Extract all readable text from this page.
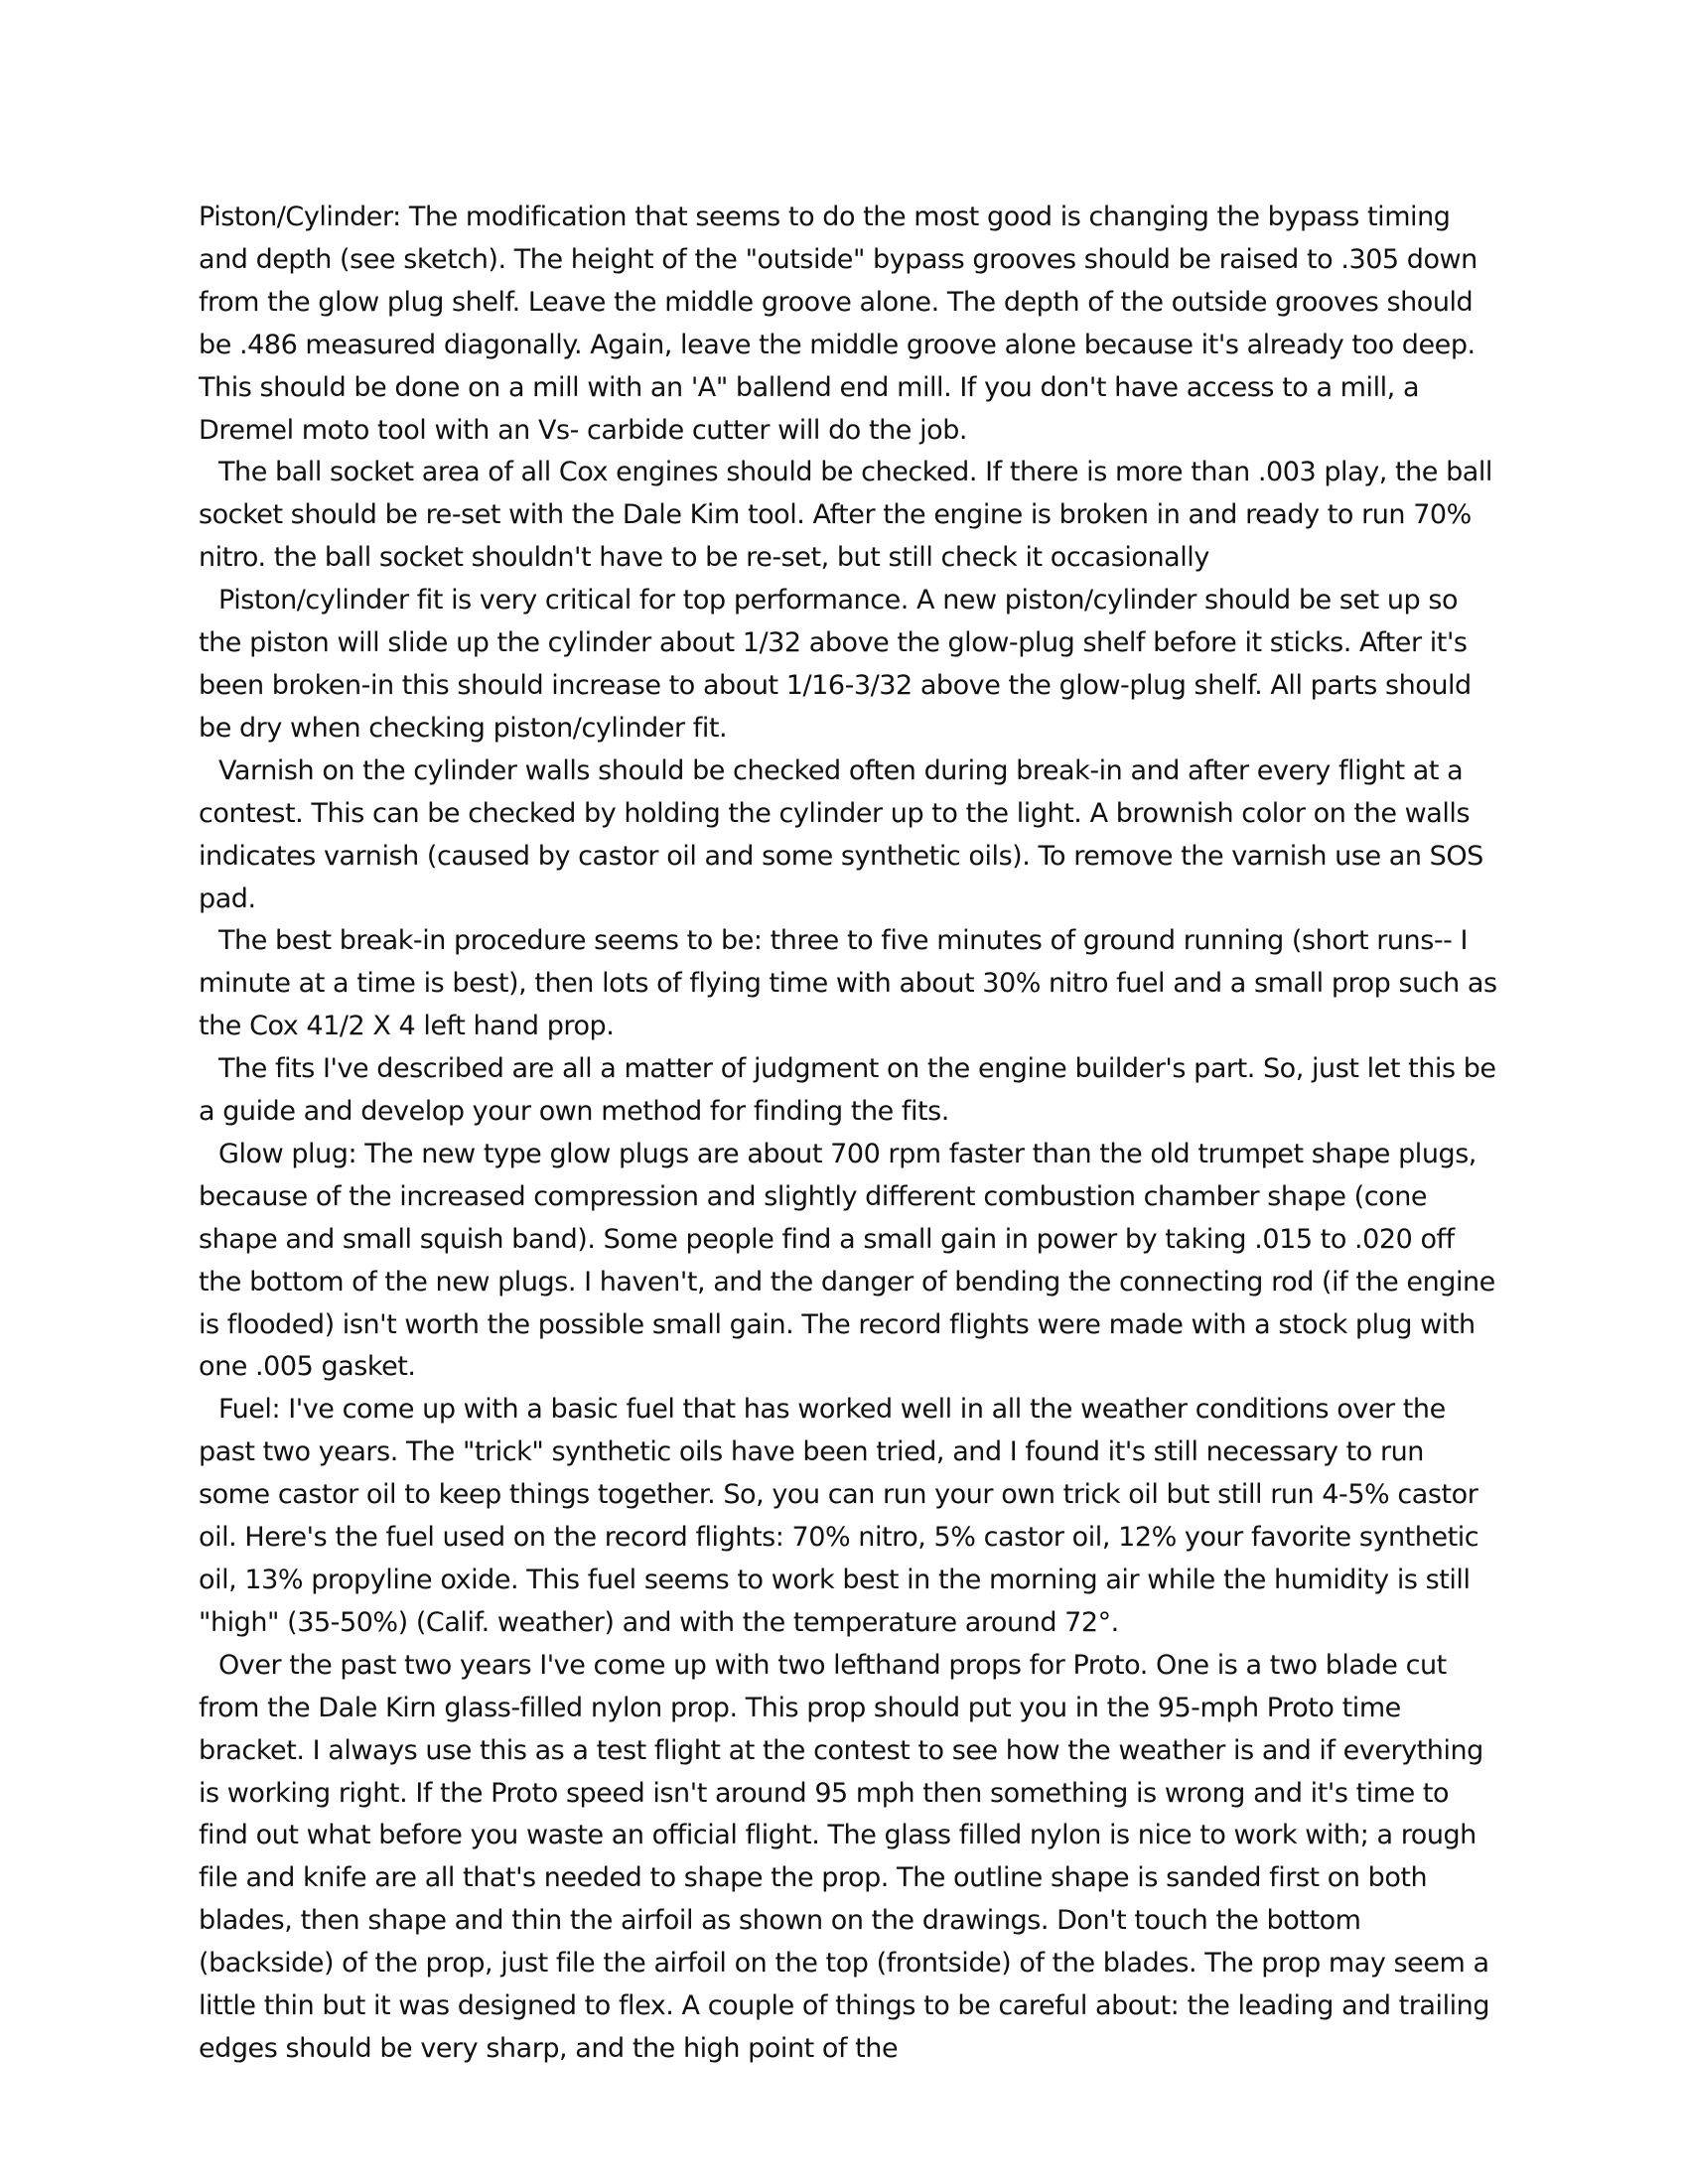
Piston/Cylinder: The modification that seems to do the most good is changing the bypass timing and depth (see sketch). The height of the "outside" bypass grooves should be raised to .305 down from the glow plug shelf. Leave the middle groove alone. The depth of the outside grooves should be .486 measured diagonally. Again, leave the middle groove alone because it's already too deep. This should be done on a mill with an 'A" ballend end mill. If you don't have access to a mill, a Dremel moto tool with an Vs- carbide cutter will do the job.

The ball socket area of all Cox engines should be checked. If there is more than .003 play, the ball socket should be re-set with the Dale Kim tool. After the engine is broken in and ready to run 70% nitro. the ball socket shouldn't have to be re-set, but still check it occasionally

Piston/cylinder fit is very critical for top performance. A new piston/cylinder should be set up so the piston will slide up the cylinder about 1/32 above the glow-plug shelf before it sticks. After it's been broken-in this should increase to about 1/16-3/32 above the glow-plug shelf. All parts should be dry when checking piston/cylinder fit.

Varnish on the cylinder walls should be checked often during break-in and after every flight at a contest. This can be checked by holding the cylinder up to the light. A brownish color on the walls indicates varnish (caused by castor oil and some synthetic oils). To remove the varnish use an SOS pad.

The best break-in procedure seems to be: three to five minutes of ground running (short runs-- I minute at a time is best), then lots of flying time with about 30% nitro fuel and a small prop such as the Cox 41/2 X 4 left hand prop.

The fits I've described are all a matter of judgment on the engine builder's part. So, just let this be a guide and develop your own method for finding the fits.

Glow plug: The new type glow plugs are about 700 rpm faster than the old trumpet shape plugs, because of the increased compression and slightly different combustion chamber shape (cone shape and small squish band). Some people find a small gain in power by taking .015 to .020 off the bottom of the new plugs. I haven't, and the danger of bending the connecting rod (if the engine is flooded) isn't worth the possible small gain. The record flights were made with a stock plug with one .005 gasket.

Fuel: I've come up with a basic fuel that has worked well in all the weather conditions over the past two years. The "trick" synthetic oils have been tried, and I found it's still necessary to run some castor oil to keep things together. So, you can run your own trick oil but still run 4-5% castor oil. Here's the fuel used on the record flights: 70% nitro, 5% castor oil, 12% your favorite synthetic oil, 13% propyline oxide. This fuel seems to work best in the morning air while the humidity is still "high" (35-50%) (Calif. weather) and with the temperature around 72°.

Over the past two years I've come up with two lefthand props for Proto. One is a two blade cut from the Dale Kirn glass-filled nylon prop. This prop should put you in the 95-mph Proto time bracket. I always use this as a test flight at the contest to see how the weather is and if everything is working right. If the Proto speed isn't around 95 mph then something is wrong and it's time to find out what before you waste an official flight. The glass filled nylon is nice to work with; a rough file and knife are all that's needed to shape the prop. The outline shape is sanded first on both blades, then shape and thin the airfoil as shown on the drawings. Don't touch the bottom (backside) of the prop, just file the airfoil on the top (frontside) of the blades. The prop may seem a little thin but it was designed to flex. A couple of things to be careful about: the leading and trailing edges should be very sharp, and the high point of the
